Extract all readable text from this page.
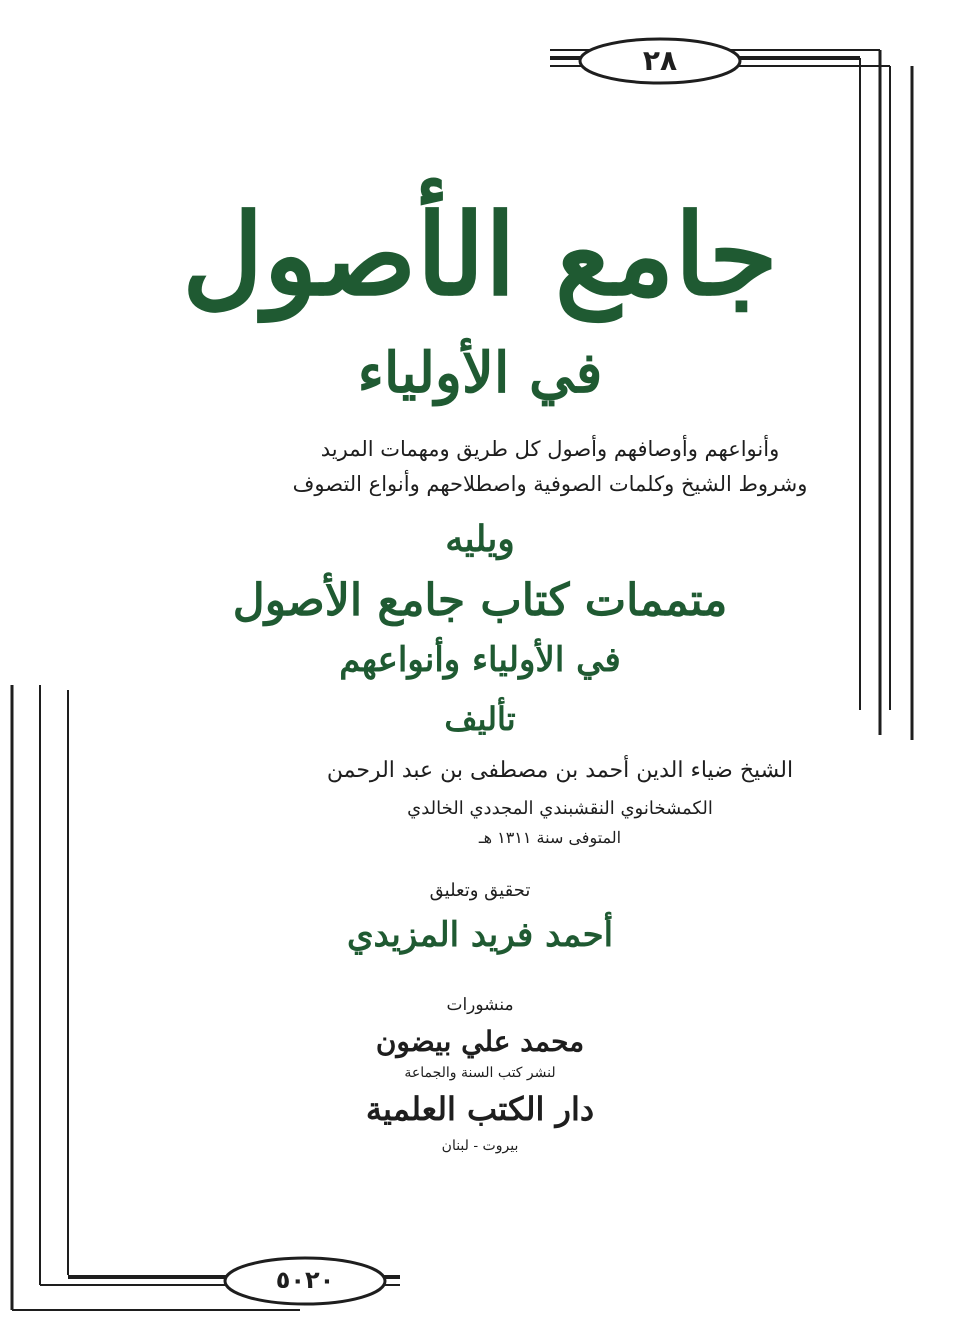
٢٨
٥٠٢٠
جامع الأصول
في الأولياء
وأنواعهم وأوصافهم وأصول كل طريق ومهمات المريد
وشروط الشيخ وكلمات الصوفية واصطلاحهم وأنواع التصوف
ويليه
متممات كتاب جامع الأصول
في الأولياء وأنواعهم
تأليف
الشيخ ضياء الدين أحمد بن مصطفى بن عبد الرحمن
الكمشخانوي النقشبندي المجددي الخالدي
المتوفى سنة ١٣١١ هـ
تحقيق وتعليق
أحمد فريد المزيدي
منشورات
محمد علي بيضون
لنشر كتب السنة والجماعة
دار الكتب العلمية
بيروت - لبنان
